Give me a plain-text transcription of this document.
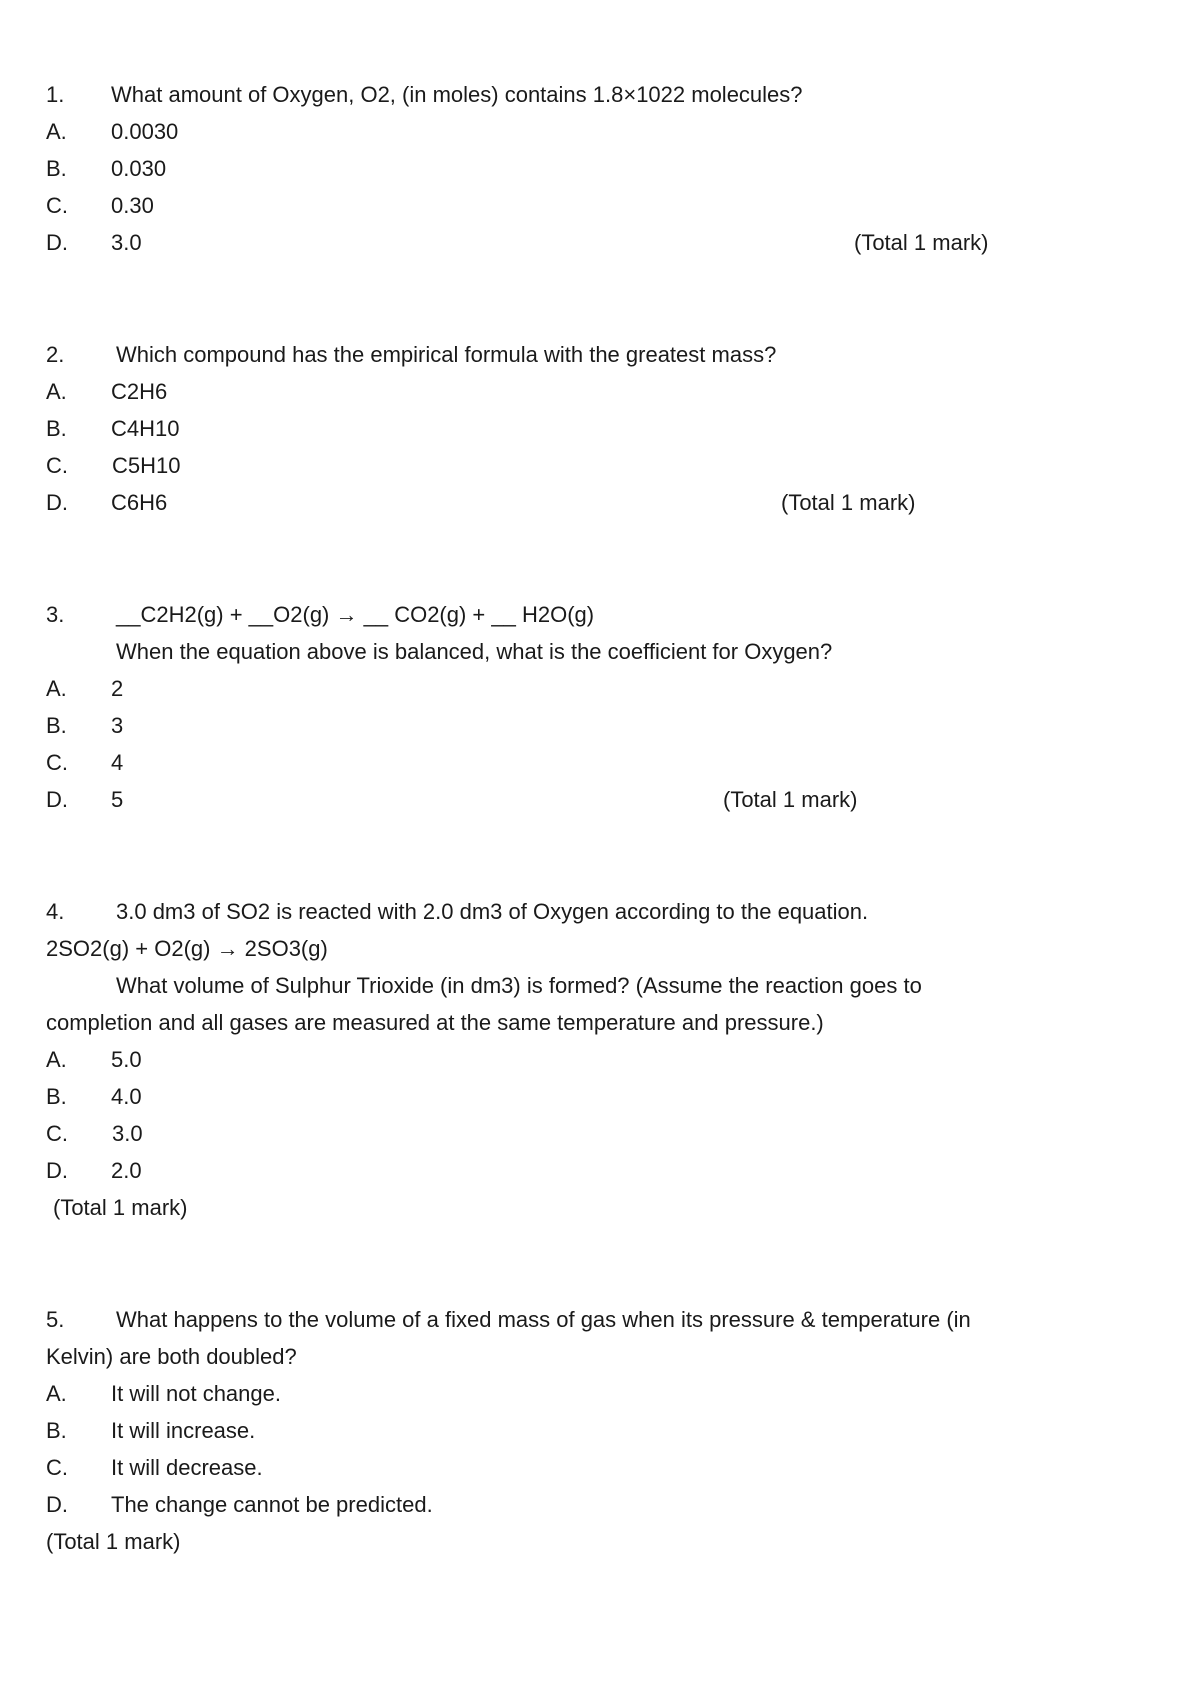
1. What amount of Oxygen, O2, (in moles) contains 1.8×1022 molecules?
A. 0.0030
B. 0.030
C. 0.30
D. 3.0	(Total 1 mark)
2. Which compound has the empirical formula with the greatest mass?
A. C2H6
B. C4H10
C. C5H10
D. C6H6	(Total 1 mark)
3. __C2H2(g) + __O2(g) → __ CO2(g) + __ H2O(g)
When the equation above is balanced, what is the coefficient for Oxygen?
A. 2
B. 3
C. 4
D. 5	(Total 1 mark)
4. 3.0 dm3 of SO2 is reacted with 2.0 dm3 of Oxygen according to the equation.
2SO2(g) + O2(g) → 2SO3(g)
What volume of Sulphur Trioxide (in dm3) is formed? (Assume the reaction goes to
completion and all gases are measured at the same temperature and pressure.)
A. 5.0
B. 4.0
C. 3.0
D. 2.0
(Total 1 mark)
5. What happens to the volume of a fixed mass of gas when its pressure & temperature (in
Kelvin) are both doubled?
A. It will not change.
B. It will increase.
C. It will decrease.
D. The change cannot be predicted.
(Total 1 mark)
